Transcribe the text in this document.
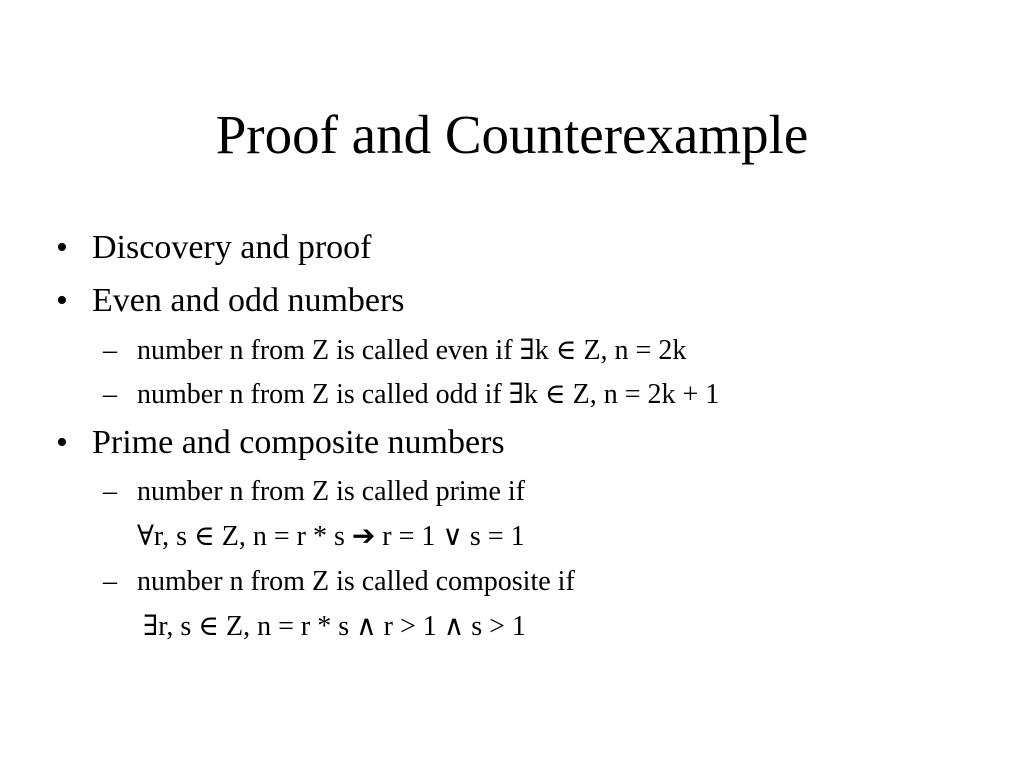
Proof and Counterexample
• Discovery and proof
• Even and odd numbers
– number n from Z is called even if ∃k ∈ Z, n = 2k
– number n from Z is called odd if ∃k ∈ Z, n = 2k + 1
• Prime and composite numbers
– number n from Z is called prime if
∀r, s ∈ Z, n = r * s ➔ r = 1 ∨ s = 1
– number n from Z is called composite if
∃r, s ∈ Z, n = r * s ∧ r > 1 ∧ s > 1
